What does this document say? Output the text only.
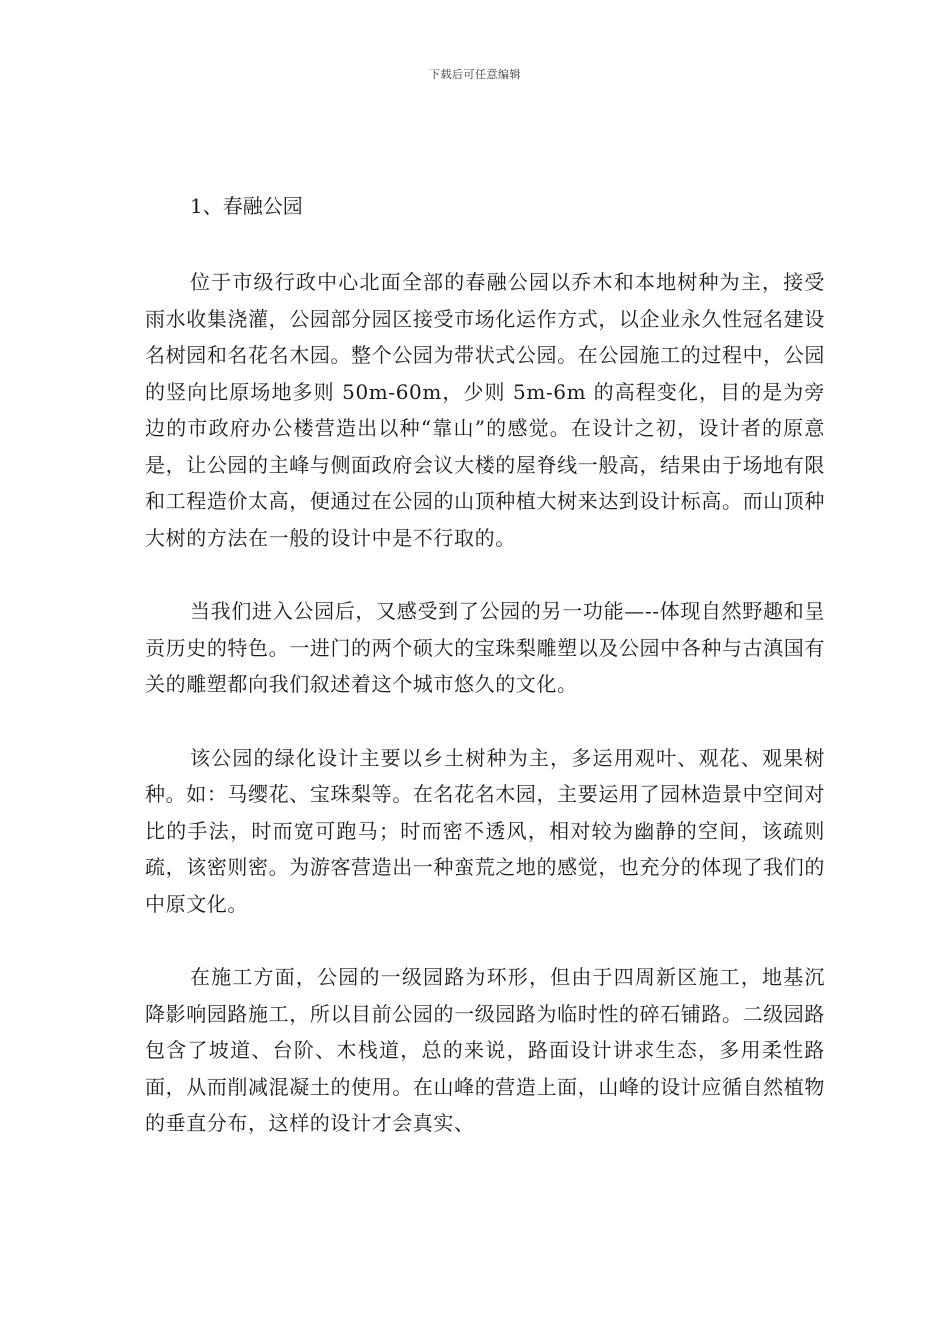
下载后可任意编辑

1、春融公园

位于市级行政中心北面全部的春融公园以乔木和本地树种为主，接受雨水收集浇灌，公园部分园区接受市场化运作方式，以企业永久性冠名建设名树园和名花名木园。整个公园为带状式公园。在公园施工的过程中，公园的竖向比原场地多则 50m-60m，少则 5m-6m 的高程变化，目的是为旁边的市政府办公楼营造出以种“靠山”的感觉。在设计之初，设计者的原意是，让公园的主峰与侧面政府会议大楼的屋脊线一般高，结果由于场地有限和工程造价太高，便通过在公园的山顶种植大树来达到设计标高。而山顶种大树的方法在一般的设计中是不行取的。

当我们进入公园后，又感受到了公园的另一功能—--体现自然野趣和呈贡历史的特色。一进门的两个硕大的宝珠梨雕塑以及公园中各种与古滇国有关的雕塑都向我们叙述着这个城市悠久的文化。

该公园的绿化设计主要以乡土树种为主，多运用观叶、观花、观果树种。如：马缨花、宝珠梨等。在名花名木园，主要运用了园林造景中空间对比的手法，时而宽可跑马；时而密不透风，相对较为幽静的空间，该疏则疏，该密则密。为游客营造出一种蛮荒之地的感觉，也充分的体现了我们的中原文化。

在施工方面，公园的一级园路为环形，但由于四周新区施工，地基沉降影响园路施工，所以目前公园的一级园路为临时性的碎石铺路。二级园路包含了坡道、台阶、木栈道，总的来说，路面设计讲求生态，多用柔性路面，从而削减混凝土的使用。在山峰的营造上面，山峰的设计应循自然植物的垂直分布，这样的设计才会真实、
